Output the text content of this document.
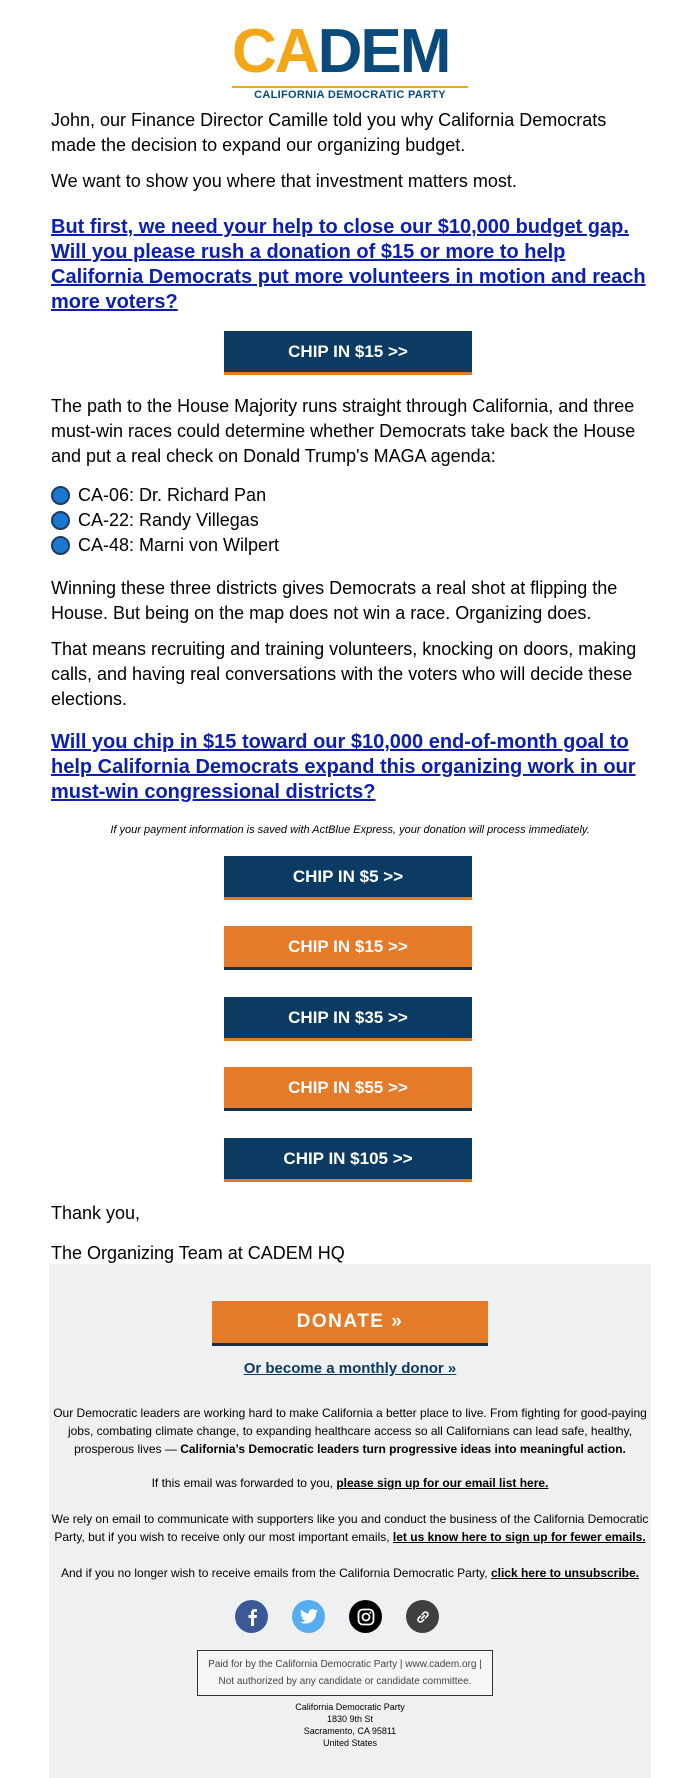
CADEM
CALIFORNIA DEMOCRATIC PARTY

John, our Finance Director Camille told you why California Democrats made the decision to expand our organizing budget.

We want to show you where that investment matters most.

But first, we need your help to close our $10,000 budget gap. Will you please rush a donation of $15 or more to help California Democrats put more volunteers in motion and reach more voters?

CHIP IN $15 >>

The path to the House Majority runs straight through California, and three must-win races could determine whether Democrats take back the House and put a real check on Donald Trump's MAGA agenda:

CA-06: Dr. Richard Pan
CA-22: Randy Villegas
CA-48: Marni von Wilpert

Winning these three districts gives Democrats a real shot at flipping the House. But being on the map does not win a race. Organizing does.

That means recruiting and training volunteers, knocking on doors, making calls, and having real conversations with the voters who will decide these elections.

Will you chip in $15 toward our $10,000 end-of-month goal to help California Democrats expand this organizing work in our must-win congressional districts?

If your payment information is saved with ActBlue Express, your donation will process immediately.
CHIP IN $5 >>
CHIP IN $15 >>
CHIP IN $35 >>
CHIP IN $55 >>
CHIP IN $105 >>

Thank you,

The Organizing Team at CADEM HQ

DONATE »
Or become a monthly donor »
Our Democratic leaders are working hard to make California a better place to live. From fighting for good-paying jobs, combating climate change, to expanding healthcare access so all Californians can lead safe, healthy, prosperous lives — California’s Democratic leaders turn progressive ideas into meaningful action.
If this email was forwarded to you, please sign up for our email list here.
We rely on email to communicate with supporters like you and conduct the business of the California Democratic Party, but if you wish to receive only our most important emails, let us know here to sign up for fewer emails.
And if you no longer wish to receive emails from the California Democratic Party, click here to unsubscribe.
Paid for by the California Democratic Party | www.cadem.org |
Not authorized by any candidate or candidate committee.
California Democratic Party
1830 9th St
Sacramento, CA 95811
United States
